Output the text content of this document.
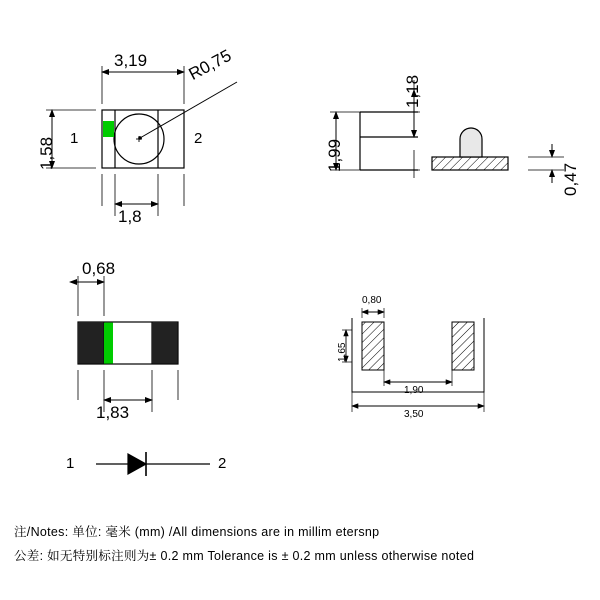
3,19
1,58
R0,75
1,8
1	2
1,99
1,18
0,47
0,68
1,83
0,80
1,65
1,90
3,50
1	2
注/Notes: 单位: 毫米 (mm) /All dimensions are in millim etersnp
公差: 如无特别标注则为± 0.2 mm Tolerance is ± 0.2 mm unless otherwise noted
